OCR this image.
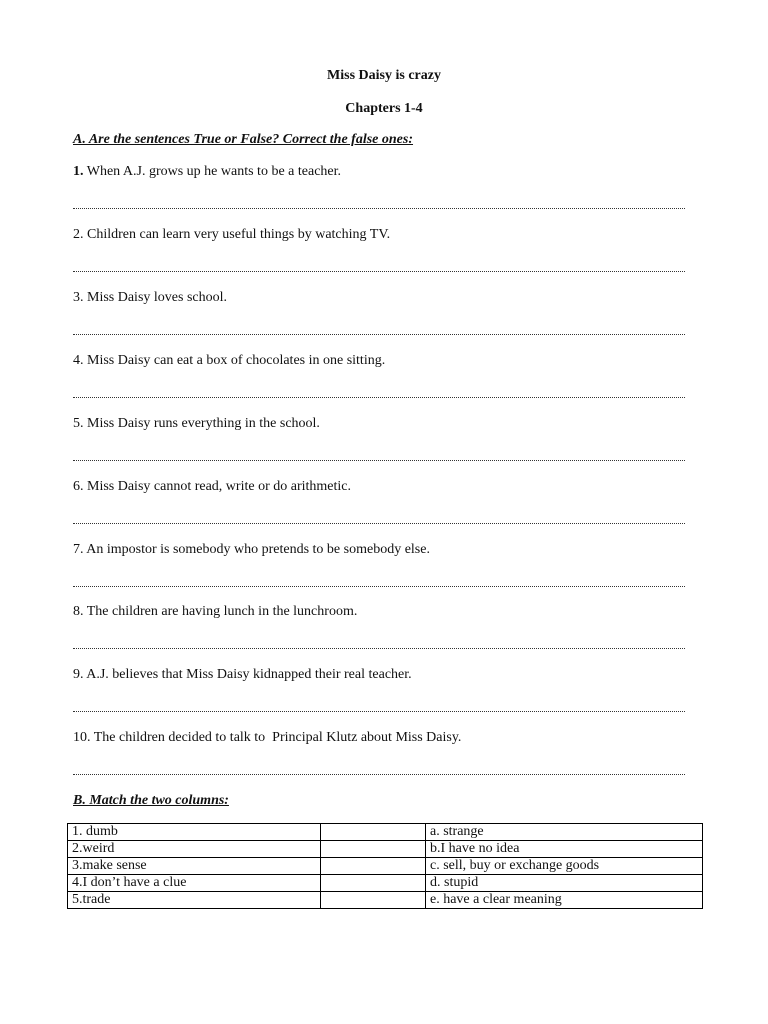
Miss Daisy is crazy
Chapters 1-4
A. Are the sentences True or False? Correct the false ones:
1. When A.J. grows up he wants to be a teacher.
2. Children can learn very useful things by watching TV.
3. Miss Daisy loves school.
4. Miss Daisy can eat a box of chocolates in one sitting.
5. Miss Daisy runs everything in the school.
6. Miss Daisy cannot read, write or do arithmetic.
7. An impostor is somebody who pretends to be somebody else.
8. The children are having lunch in the lunchroom.
9. A.J. believes that Miss Daisy kidnapped their real teacher.
10. The children decided to talk to  Principal Klutz about Miss Daisy.
B. Match the two columns:
1. dumb		a. strange
2.weird		b.I have no idea
3.make sense		c. sell, buy or exchange goods
4.I don’t have a clue		d. stupid
5.trade		e. have a clear meaning
